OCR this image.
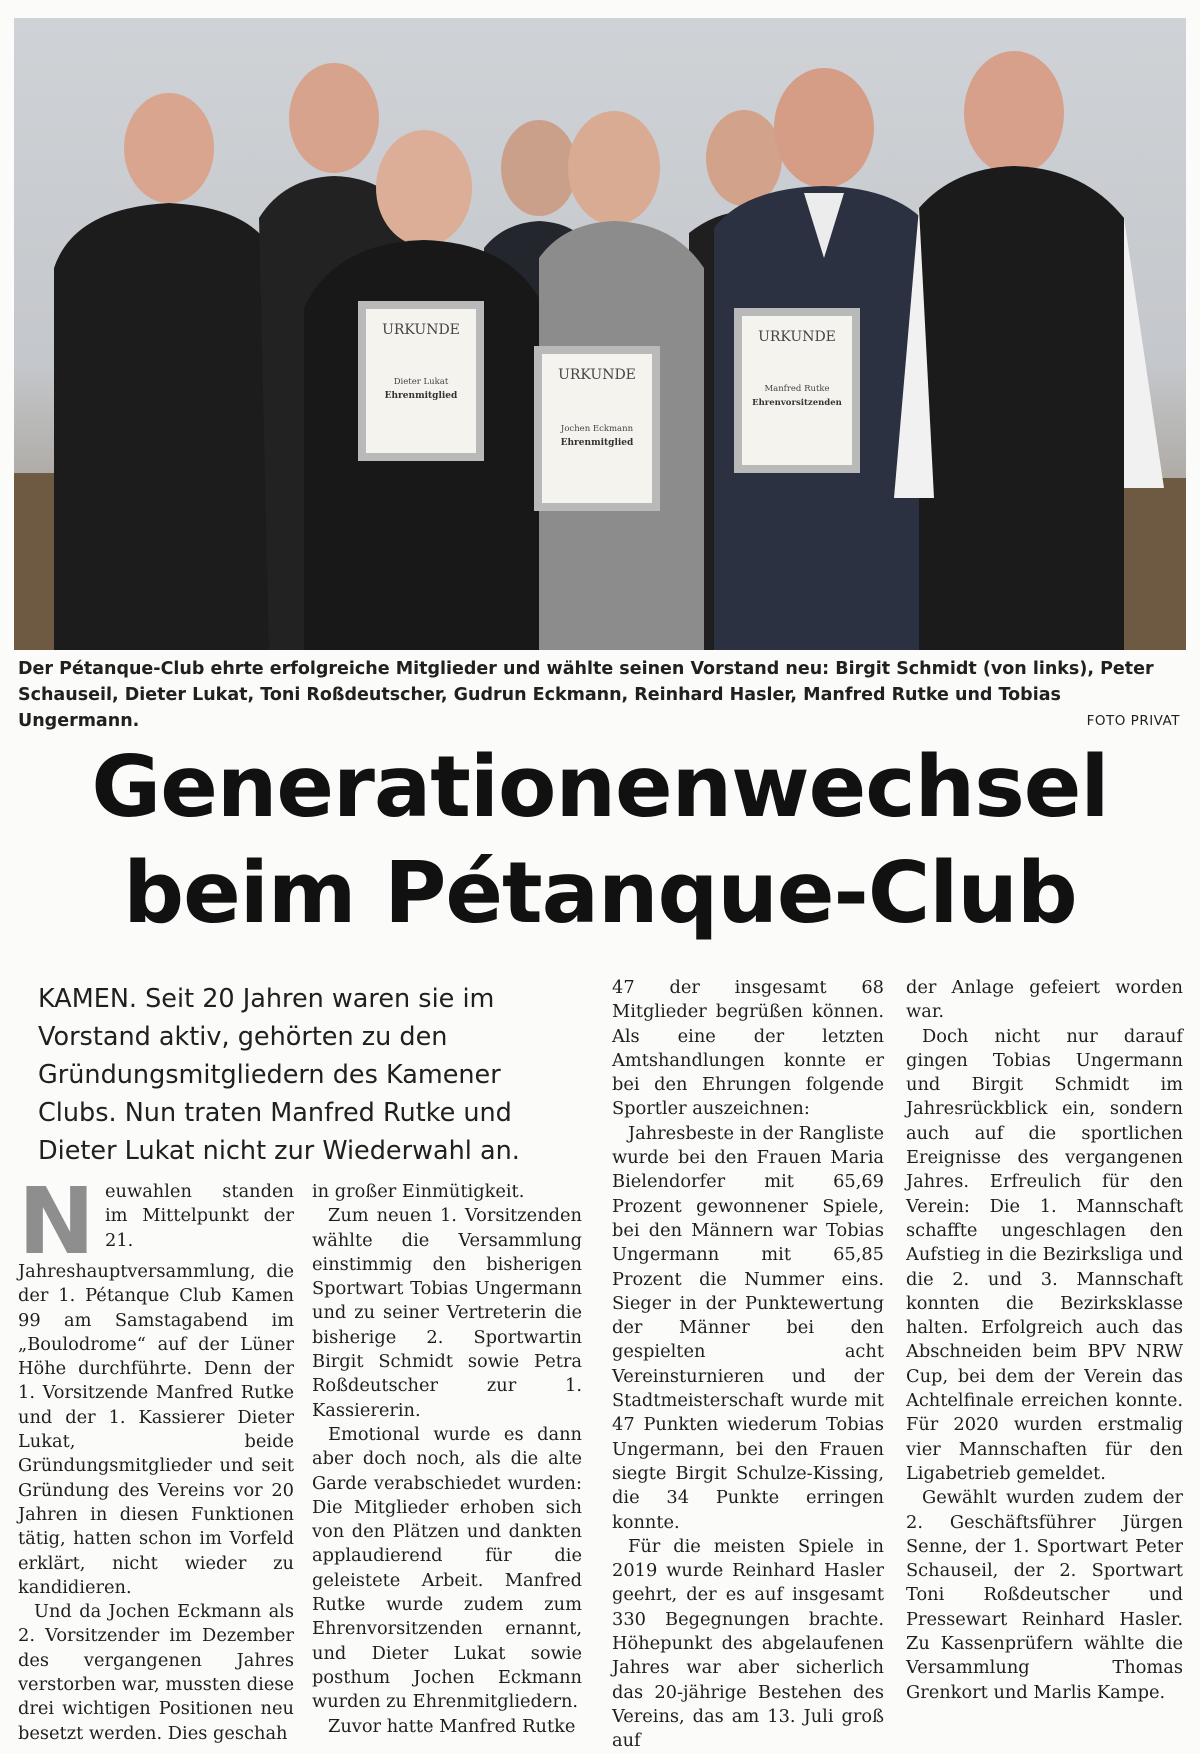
URKUNDE
Dieter Lukat
Ehrenmitglied
URKUNDE
Jochen Eckmann
Ehrenmitglied
URKUNDE
Manfred Rutke
Ehrenvorsitzenden
Der Pétanque-Club ehrte erfolgreiche Mitglieder und wählte seinen Vorstand neu: Birgit Schmidt (von links), Peter Schauseil, Dieter Lukat, Toni Roßdeutscher, Gudrun Eckmann, Reinhard Hasler, Manfred Rutke und Tobias Ungermann.	FOTO PRIVAT
Generationenwechsel
beim Pétanque-Club
KAMEN. Seit 20 Jahren waren sie im Vorstand aktiv, gehörten zu den Gründungsmitgliedern des Kamener Clubs. Nun traten Manfred Rutke und Dieter Lukat nicht zur Wiederwahl an.
N euwahlen standen im Mittelpunkt der 21. Jahreshauptversammlung, die der 1. Pétanque Club Kamen 99 am Samstagabend im „Boulodrome“ auf der Lüner Höhe durchführte. Denn der 1. Vorsitzende Manfred Rutke und der 1. Kassierer Dieter Lukat, beide Gründungsmitglieder und seit Gründung des Vereins vor 20 Jahren in diesen Funktionen tätig, hatten schon im Vorfeld erklärt, nicht wieder zu kandidieren.

Und da Jochen Eckmann als 2. Vorsitzender im Dezember des vergangenen Jahres verstorben war, mussten diese drei wichtigen Positionen neu besetzt werden. Dies geschah

in großer Einmütigkeit.

Zum neuen 1. Vorsitzenden wählte die Versammlung einstimmig den bisherigen Sportwart Tobias Ungermann und zu seiner Vertreterin die bisherige 2. Sportwartin Birgit Schmidt sowie Petra Roßdeutscher zur 1. Kassiererin.

Emotional wurde es dann aber doch noch, als die alte Garde verabschiedet wurden: Die Mitglieder erhoben sich von den Plätzen und dankten applaudierend für die geleistete Arbeit. Manfred Rutke wurde zudem zum Ehrenvorsitzenden ernannt, und Dieter Lukat sowie posthum Jochen Eckmann wurden zu Ehrenmitgliedern.

Zuvor hatte Manfred Rutke

47 der insgesamt 68 Mitglieder begrüßen können. Als eine der letzten Amtshandlungen konnte er bei den Ehrungen folgende Sportler auszeichnen:

Jahresbeste in der Rangliste wurde bei den Frauen Maria Bielendorfer mit 65,69 Prozent gewonnener Spiele, bei den Männern war Tobias Ungermann mit 65,85 Prozent die Nummer eins. Sieger in der Punktewertung der Männer bei den gespielten acht Vereinsturnieren und der Stadtmeisterschaft wurde mit 47 Punkten wiederum Tobias Ungermann, bei den Frauen siegte Birgit Schulze-Kissing, die 34 Punkte erringen konnte.

Für die meisten Spiele in 2019 wurde Reinhard Hasler geehrt, der es auf insgesamt 330 Begegnungen brachte. Höhepunkt des abgelaufenen Jahres war aber sicherlich das 20-jährige Bestehen des Vereins, das am 13. Juli groß auf

der Anlage gefeiert worden war.

Doch nicht nur darauf gingen Tobias Ungermann und Birgit Schmidt im Jahresrückblick ein, sondern auch auf die sportlichen Ereignisse des vergangenen Jahres. Erfreulich für den Verein: Die 1. Mannschaft schaffte ungeschlagen den Aufstieg in die Bezirksliga und die 2. und 3. Mannschaft konnten die Bezirksklasse halten. Erfolgreich auch das Abschneiden beim BPV NRW Cup, bei dem der Verein das Achtelfinale erreichen konnte. Für 2020 wurden erstmalig vier Mannschaften für den Ligabetrieb gemeldet.

Gewählt wurden zudem der 2. Geschäftsführer Jürgen Senne, der 1. Sportwart Peter Schauseil, der 2. Sportwart Toni Roßdeutscher und Pressewart Reinhard Hasler. Zu Kassenprüfern wählte die Versammlung Thomas Grenkort und Marlis Kampe.
